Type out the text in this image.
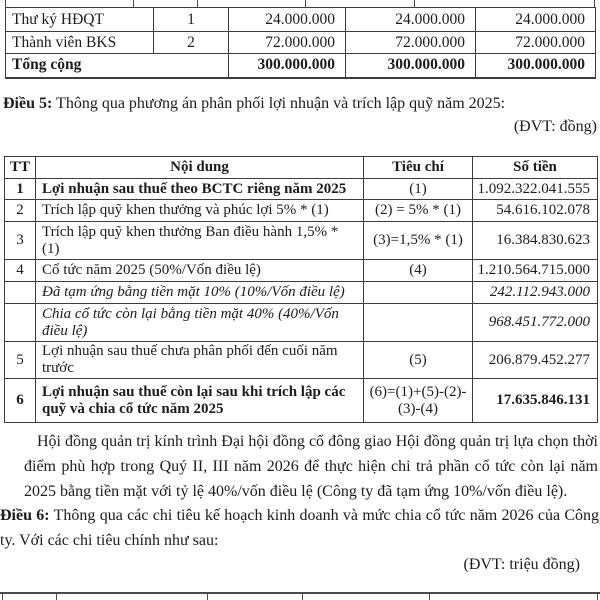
Thư ký HĐQT	1	24.000.000	24.000.000	24.000.000
Thành viên BKS	2	72.000.000	72.000.000	72.000.000
Tổng cộng		300.000.000	300.000.000	300.000.000
Điều 5: Thông qua phương án phân phối lợi nhuận và trích lập quỹ năm 2025:
(ĐVT: đồng)
TT	Nội dung	Tiêu chí	Số tiền
1	Lợi nhuận sau thuế theo BCTC riêng năm 2025	(1)	1.092.322.041.555
2	Trích lập quỹ khen thưởng và phúc lợi 5% * (1)	(2) = 5% * (1)	54.616.102.078
3	Trích lập quỹ khen thưởng Ban điều hành 1,5% * (1)	(3)=1,5% * (1)	16.384.830.623
4	Cổ tức năm 2025 (50%/Vốn điều lệ)	(4)	1.210.564.715.000
	Đã tạm ứng bằng tiền mặt 10% (10%/Vốn điều lệ)		242.112.943.000
	Chia cổ tức còn lại bằng tiền mặt 40% (40%/Vốn điều lệ)		968.451.772.000
5	Lợi nhuận sau thuế chưa phân phối đến cuối năm trước	(5)	206.879.452.277
6	Lợi nhuận sau thuế còn lại sau khi trích lập các quỹ và chia cổ tức năm 2025	(6)=(1)+(5)-(2)-(3)-(4)	17.635.846.131
Hội đồng quản trị kính trình Đại hội đồng cổ đông giao Hội đồng quản trị lựa chọn thời điểm phù hợp trong Quý II, III năm 2026 để thực hiện chi trả phần cổ tức còn lại năm 2025 bằng tiền mặt với tỷ lệ 40%/vốn điều lệ (Công ty đã tạm ứng 10%/vốn điều lệ).
Điều 6: Thông qua các chi tiêu kế hoạch kinh doanh và mức chia cổ tức năm 2026 của Công ty. Với các chi tiêu chính như sau:
(ĐVT: triệu đồng)
